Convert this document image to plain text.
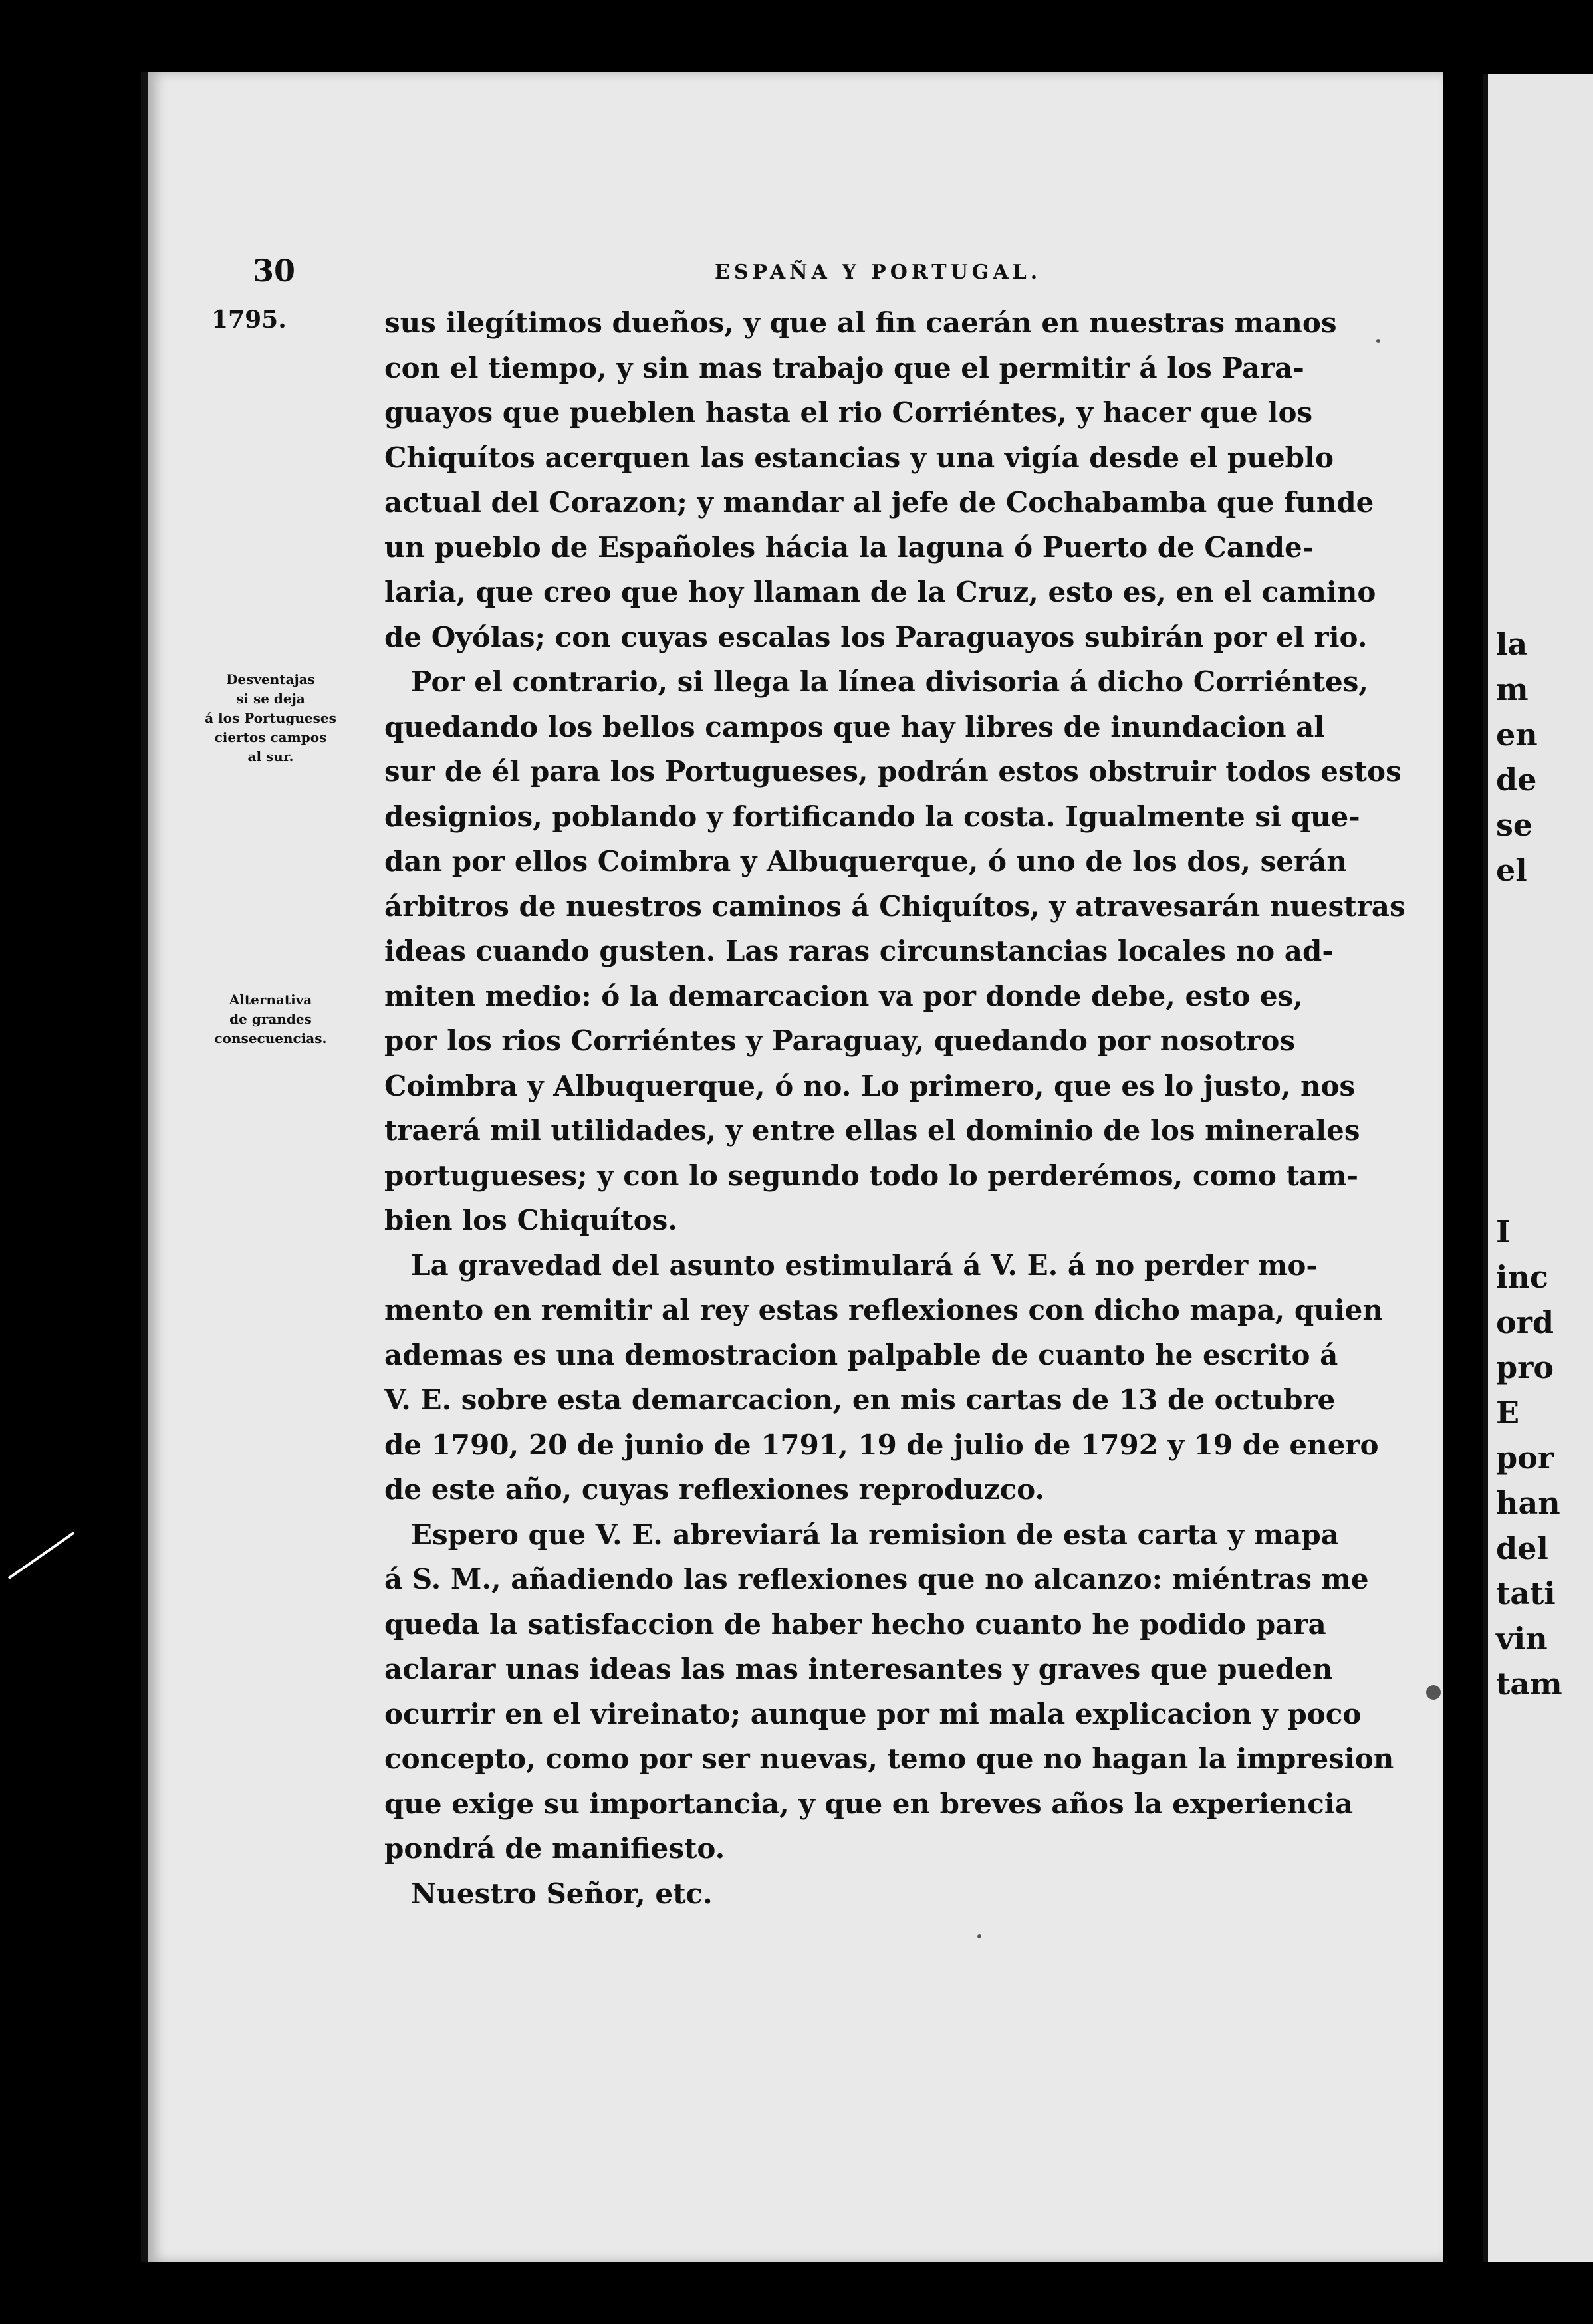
30	ESPAÑA Y PORTUGAL.
1795.
Desventajas
si se deja
á los Portugueses
ciertos campos
al sur.
Alternativa
de grandes
consecuencias.
sus ilegítimos dueños, y que al fin caerán en nuestras manos
con el tiempo, y sin mas trabajo que el permitir á los Para-
guayos que pueblen hasta el rio Corriéntes, y hacer que los
Chiquítos acerquen las estancias y una vigía desde el pueblo
actual del Corazon; y mandar al jefe de Cochabamba que funde
un pueblo de Españoles hácia la laguna ó Puerto de Cande-
laria, que creo que hoy llaman de la Cruz, esto es, en el camino
de Oyólas; con cuyas escalas los Paraguayos subirán por el rio.
Por el contrario, si llega la línea divisoria á dicho Corriéntes,
quedando los bellos campos que hay libres de inundacion al
sur de él para los Portugueses, podrán estos obstruir todos estos
designios, poblando y fortificando la costa. Igualmente si que-
dan por ellos Coimbra y Albuquerque, ó uno de los dos, serán
árbitros de nuestros caminos á Chiquítos, y atravesarán nuestras
ideas cuando gusten. Las raras circunstancias locales no ad-
miten medio: ó la demarcacion va por donde debe, esto es,
por los rios Corriéntes y Paraguay, quedando por nosotros
Coimbra y Albuquerque, ó no. Lo primero, que es lo justo, nos
traerá mil utilidades, y entre ellas el dominio de los minerales
portugueses; y con lo segundo todo lo perderémos, como tam-
bien los Chiquítos.
La gravedad del asunto estimulará á V. E. á no perder mo-
mento en remitir al rey estas reflexiones con dicho mapa, quien
ademas es una demostracion palpable de cuanto he escrito á
V. E. sobre esta demarcacion, en mis cartas de 13 de octubre
de 1790, 20 de junio de 1791, 19 de julio de 1792 y 19 de enero
de este año, cuyas reflexiones reproduzco.
Espero que V. E. abreviará la remision de esta carta y mapa
á S. M., añadiendo las reflexiones que no alcanzo: miéntras me
queda la satisfaccion de haber hecho cuanto he podido para
aclarar unas ideas las mas interesantes y graves que pueden
ocurrir en el vireinato; aunque por mi mala explicacion y poco
concepto, como por ser nuevas, temo que no hagan la impresion
que exige su importancia, y que en breves años la experiencia
pondrá de manifiesto.
Nuestro Señor, etc.
la
m
en
de
se
el
I
inc
ord
pro
E
por
han
del
tati
vin
tam
